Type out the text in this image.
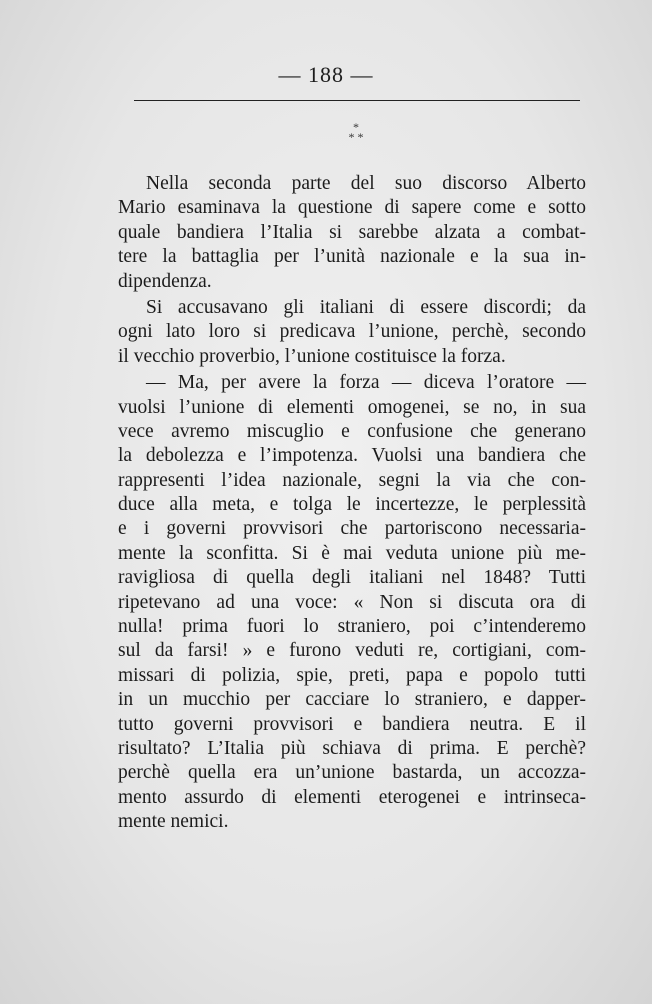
— 188 —
*
* *
Nella seconda parte del suo discorso Alberto
Mario esaminava la questione di sapere come e sotto
quale bandiera l’Italia si sarebbe alzata a combat-
tere la battaglia per l’unità nazionale e la sua in-
dipendenza.
Si accusavano gli italiani di essere discordi; da
ogni lato loro si predicava l’unione, perchè, secondo
il vecchio proverbio, l’unione costituisce la forza.
— Ma, per avere la forza — diceva l’oratore —
vuolsi l’unione di elementi omogenei, se no, in sua
vece avremo miscuglio e confusione che generano
la debolezza e l’impotenza. Vuolsi una bandiera che
rappresenti l’idea nazionale, segni la via che con-
duce alla meta, e tolga le incertezze, le perplessità
e i governi provvisori che partoriscono necessaria-
mente la sconfitta. Si è mai veduta unione più me-
ravigliosa di quella degli italiani nel 1848? Tutti
ripetevano ad una voce: « Non si discuta ora di
nulla! prima fuori lo straniero, poi c’intenderemo
sul da farsi! » e furono veduti re, cortigiani, com-
missari di polizia, spie, preti, papa e popolo tutti
in un mucchio per cacciare lo straniero, e dapper-
tutto governi provvisori e bandiera neutra. E il
risultato? L’Italia più schiava di prima. E perchè?
perchè quella era un’unione bastarda, un accozza-
mento assurdo di elementi eterogenei e intrinseca-
mente nemici.
